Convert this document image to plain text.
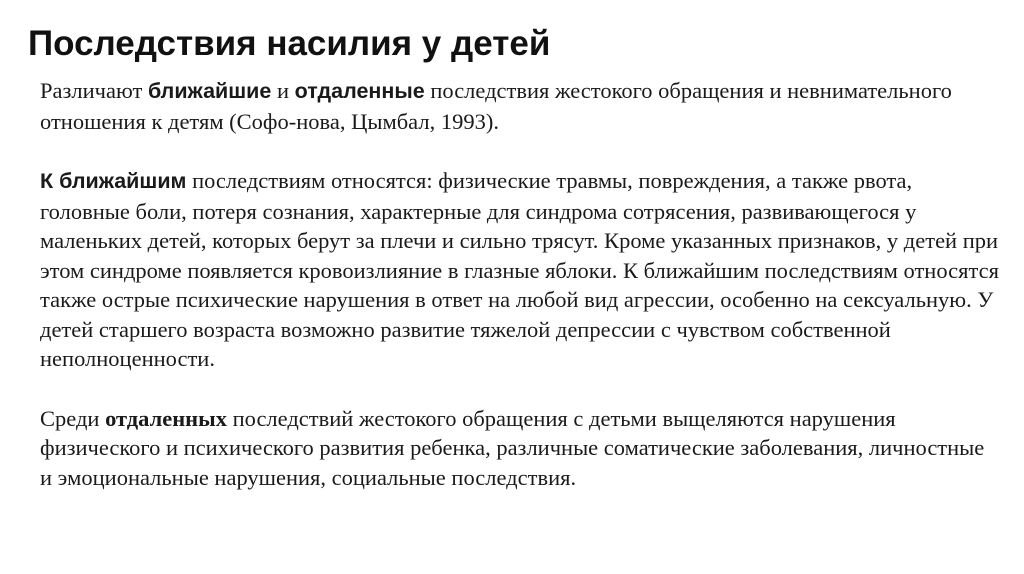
Последствия насилия у детей

Различают ближайшие и отдаленные последствия жестокого обращения и невнимательного отношения к детям (Софо-нова, Цымбал, 1993).

К ближайшим последствиям относятся: физические травмы, повреждения, а также рвота, головные боли, потеря сознания, характерные для синдрома сотрясения, развивающегося у маленьких детей, которых берут за плечи и сильно трясут. Кроме указанных признаков, у детей при этом синдроме появляется кровоизлияние в глазные яблоки. К ближайшим последствиям относятся также острые психические нарушения в ответ на любой вид агрессии, особенно на сексуальную. У детей старшего возраста возможно развитие тяжелой депрессии с чувством собственной неполноценности.

Среди отдаленных последствий жестокого обращения с детьми выщеляются нарушения физического и психического развития ребенка, различные соматические заболевания, личностные и эмоциональные нарушения, социальные последствия.
